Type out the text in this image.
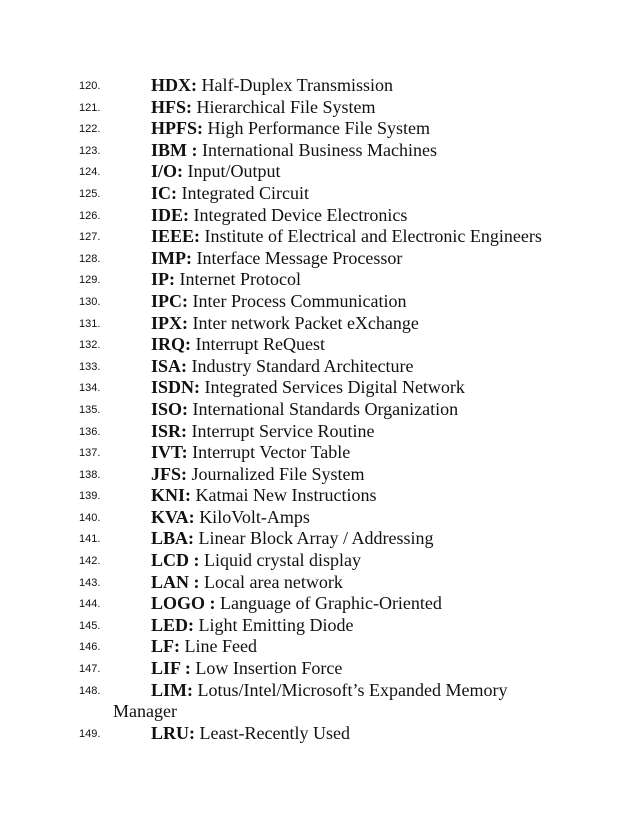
120.	HDX: Half-Duplex Transmission
121.	HFS: Hierarchical File System
122.	HPFS: High Performance File System
123.	IBM : International Business Machines
124.	I/O: Input/Output
125.	IC: Integrated Circuit
126.	IDE: Integrated Device Electronics
127.	IEEE: Institute of Electrical and Electronic Engineers
128.	IMP: Interface Message Processor
129.	IP: Internet Protocol
130.	IPC: Inter Process Communication
131.	IPX: Inter network Packet eXchange
132.	IRQ: Interrupt ReQuest
133.	ISA: Industry Standard Architecture
134.	ISDN: Integrated Services Digital Network
135.	ISO: International Standards Organization
136.	ISR: Interrupt Service Routine
137.	IVT: Interrupt Vector Table
138.	JFS: Journalized File System
139.	KNI: Katmai New Instructions
140.	KVA: KiloVolt-Amps
141.	LBA: Linear Block Array / Addressing
142.	LCD : Liquid crystal display
143.	LAN : Local area network
144.	LOGO : Language of Graphic-Oriented
145.	LED: Light Emitting Diode
146.	LF: Line Feed
147.	LIF : Low Insertion Force
148.	LIM: Lotus/Intel/Microsoft’s Expanded Memory
Manager
149.	LRU: Least-Recently Used
